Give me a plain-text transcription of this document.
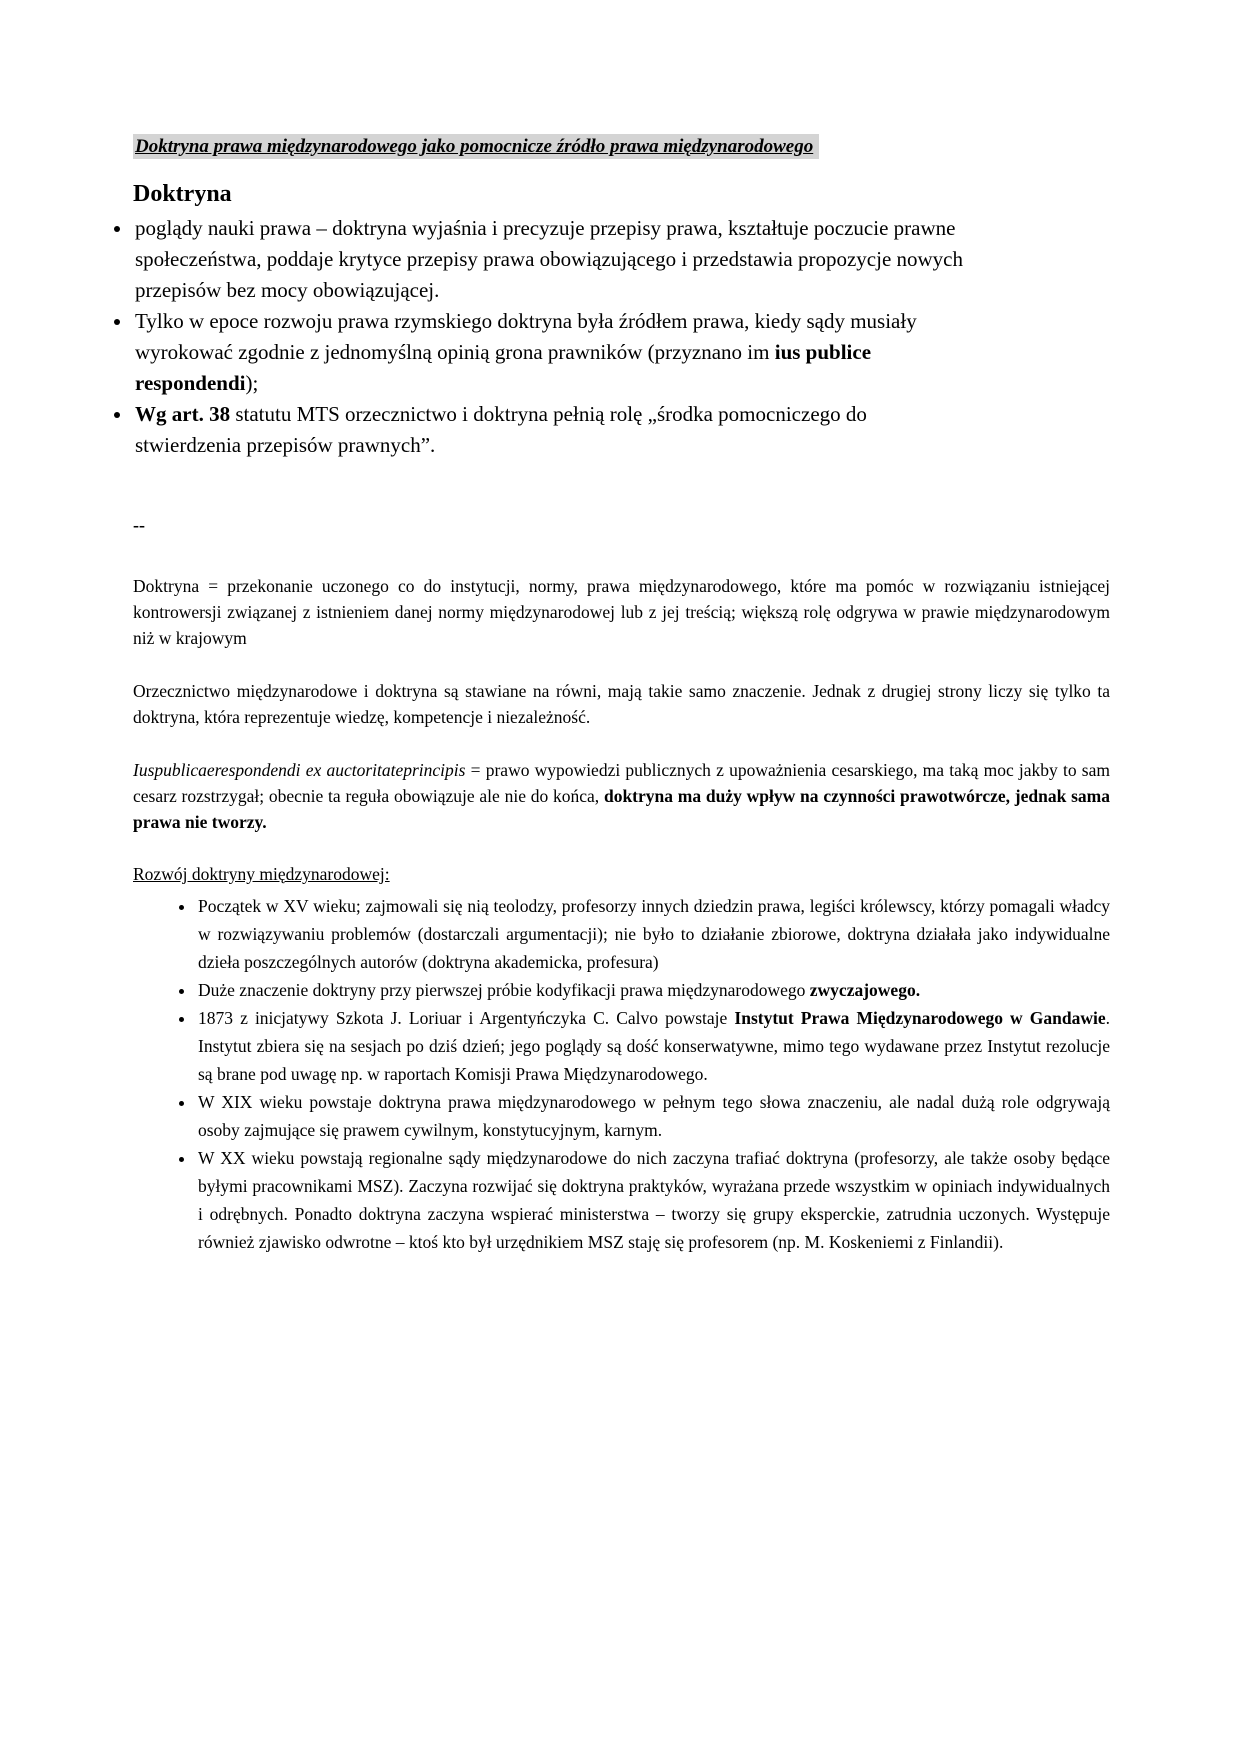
Doktryna prawa międzynarodowego jako pomocnicze źródło prawa międzynarodowego
Doktryna
• poglądy nauki prawa – doktryna wyjaśnia i precyzuje przepisy prawa, kształtuje poczucie prawne społeczeństwa, poddaje krytyce przepisy prawa obowiązującego i przedstawia propozycje nowych przepisów bez mocy obowiązującej.
• Tylko w epoce rozwoju prawa rzymskiego doktryna była źródłem prawa, kiedy sądy musiały wyrokować zgodnie z jednomyślną opinią grona prawników (przyznano im ius publice respondendi);
• Wg art. 38 statutu MTS orzecznictwo i doktryna pełnią rolę „środka pomocniczego do stwierdzenia przepisów prawnych”.
--

Doktryna = przekonanie uczonego co do instytucji, normy, prawa międzynarodowego, które ma pomóc w rozwiązaniu istniejącej kontrowersji związanej z istnieniem danej normy międzynarodowej lub z jej treścią; większą rolę odgrywa w prawie międzynarodowym niż w krajowym

Orzecznictwo międzynarodowe i doktryna są stawiane na równi, mają takie samo znaczenie. Jednak z drugiej strony liczy się tylko ta doktryna, która reprezentuje wiedzę, kompetencje i niezależność.

Iuspublicaerespondendi ex auctoritateprincipis = prawo wypowiedzi publicznych z upoważnienia cesarskiego, ma taką moc jakby to sam cesarz rozstrzygał; obecnie ta reguła obowiązuje ale nie do końca, doktryna ma duży wpływ na czynności prawotwórcze, jednak sama prawa nie tworzy.

Rozwój doktryny międzynarodowej:
• Początek w XV wieku; zajmowali się nią teolodzy, profesorzy innych dziedzin prawa, legiści królewscy, którzy pomagali władcy w rozwiązywaniu problemów (dostarczali argumentacji); nie było to działanie zbiorowe, doktryna działała jako indywidualne dzieła poszczególnych autorów (doktryna akademicka, profesura)
• Duże znaczenie doktryny przy pierwszej próbie kodyfikacji prawa międzynarodowego zwyczajowego.
• 1873 z inicjatywy Szkota J. Loriuar i Argentyńczyka C. Calvo powstaje Instytut Prawa Międzynarodowego w Gandawie. Instytut zbiera się na sesjach po dziś dzień; jego poglądy są dość konserwatywne, mimo tego wydawane przez Instytut rezolucje są brane pod uwagę np. w raportach Komisji Prawa Międzynarodowego.
• W XIX wieku powstaje doktryna prawa międzynarodowego w pełnym tego słowa znaczeniu, ale nadal dużą role odgrywają osoby zajmujące się prawem cywilnym, konstytucyjnym, karnym.
• W XX wieku powstają regionalne sądy międzynarodowe do nich zaczyna trafiać doktryna (profesorzy, ale także osoby będące byłymi pracownikami MSZ). Zaczyna rozwijać się doktryna praktyków, wyrażana przede wszystkim w opiniach indywidualnych i odrębnych. Ponadto doktryna zaczyna wspierać ministerstwa – tworzy się grupy eksperckie, zatrudnia uczonych. Występuje również zjawisko odwrotne – ktoś kto był urzędnikiem MSZ staję się profesorem (np. M. Koskeniemi z Finlandii).
